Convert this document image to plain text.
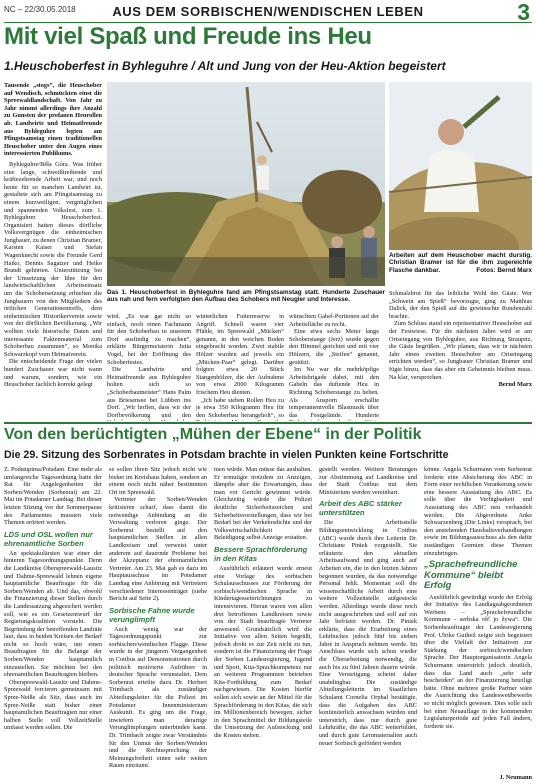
NC – 22/30.05.2018	AUS DEM SORBISCHEN/WENDISCHEN LEBEN	3
Mit viel Spaß und Freude ins Heu
1.Heuschoberfest in Byhleguhre / Alt und Jung von der Heu-Aktion begeistert

Tausende „stogs“, die Heuschober auf Wendisch, schmückten einst die Spreewaldlandschaft. Von Jahr zu Jahr nimmt allerdings ihre Anzahl zu Gunsten der profanen Heurollen ab. Landwirte und Heimatfreunde aus Byhleguhre legten am Pfingstsamstag einen traditionellen Heuschober unter den Augen eines interessierten Publikums.

Byhleguhre/Běła Góra. Was früher eine lange, schweißtreibende und kräftezehrende Arbeit war, und noch heute für so manchen Landwirt ist, gestaltete sich am Pfingstsamstag zu einem kurzweiligen, vergnüglichen und spannenden Volksfest, zum 1. Byhleguhrer Heuschoberfest. Organisiert hatten dieses dörfliche Volksvergnügen die einheimischen Jungbauer, zu denen Christian Bramer, Karsten Kaiser und Stefan Wagenknecht sowie die Freunde Gerd Haiko, Dennis Sagatzer und Heiko Brandt gehörten. Unterstützung bei der Umsetzung der Idee für den landwirtschaftlichen Arbeitseinsatz um die Schobersetzung erhielten die Jungbauern von den Mitgliedern des örtlichen Generationentreffs, dem einheimischen Historikerverein sowie von der dörflichen Bevölkerung. „Wir wollten viele historische Daten und interessante Faktenmaterial zum Schoberbau zusammen“, so Monika Schwarzkopf vom Heimatverein.

Die entscheidende Frage der vielen hundert Zuschauer war nicht wann und warum, sondern, wie ein Heuschober fachlich korrekt gelegt

Das 1. Heuschoberfest in Byhleguhre fand am Pfingstsamstag statt. Hunderte Zuschauer aus nah und fern verfolgten den Aufbau des Schobers mit Neugier und Interesse.
Arbeiten auf dem Heuschober macht durstig. Christian Bramer ist für die ihm zugereichte Flasche dankbar.	Fotos: Bernd Marx

wird. „Es war gar nicht so einfach, noch einen Fachmann für den Schoberbau in unserem Dorf ausfindig zu machen“, erklärte Bürgermeisterin Jutta Vogel, bei der Eröffnung des Schoberfestes.

Die Landwirte und Heimatfreunde aus Byhleguhre holten sich so „Schoberbaumeister“ Hans Palm aus Briesensee bei Lübben ins Dorf. „Wir hoffen, dass wir der Dorfbevölkerung und den

winterlichen Futterreserve in Angriff. Schnell waren vier Pfähle, im Spreewald „Mücken“ genannt, in den weichen Boden eingebracht worden. Zwei stabile Hölzer wurden auf jeweils ein „Mücken-Paar“ gelegt. Darüber folgten etwa 20 Stück Stangenhölzer, die der Aufnahme von etwa 2000 Kilogramm frischem Heu dienten.

„Ich habe sieben Rollen Heu zu je etwa 350 Kilogramm Heu für den Schoberbau herangeholt“, so

wünschten Gabel-Portionen auf der Arbeitsfläche zu recht.

Eine etwa sechs Meter lange Schoberstange (Jerz) wurde gegen den Himmel gerichtet und mit vier Hölzern, die „Steifen“ genannt, gestützt.

Im Nu war die mehrköpfige Arbeitsbrigade dabei, mit den Gabeln das duftende Heu in Richtung Schoberstange zu heben. Als Ansporn erschallte temperamentvolle Blasmusik über das Festgelände. Hunderte

Schmalzbrot für das leibliche Wohl der Gäste. Wer „Schwein am Spieß“ bevorzugte, ging zu Matthias Dalick, der den Spieß auf die gewünschte Rundenzahl brachte.

Zum Schluss stand ein repräsentativer Heuschober auf der Festwiese. Für die nächsten Jahre wird er am Ortseingang von Byhleguhre, aus Richtung Straupitz, die Gäste begrüßen. „Wir planen, dass wir in nächsten Jahr einen zweiten Heuschober am Ortseingang errichten werden“, so Jungbauer Christian Bramer und fügte hinzu, dass das aber ein Geheimnis bleiben muss. Na klar, versprochen.

Bernd Marx

Von den berüchtigten „Mühen der Ebene“ in der Politik
Die 29. Sitzung des Sorbenrates in Potsdam brachte in vielen Punkten keine Fortschritte

Z. Podstupima/Potsdam. Eine mehr als umfangreiche Tagesordnung hatte der Rat für Angelegenheiten der Sorben/Wenden (Sorbenrat) am 22. Mai im Potsdamer Landtag. Bei dieser letzten Sitzung vor der Sommerpause des Parlamentes mussten viele Themen erörtert werden.

LDS und OSL wollen nur ehrenamtliche Sorben

An spektakulärsten war einer der hinteren Tagesordnungspunkte. Denn die Landkreise Oberspreewald-Lausitz und Dahme-Spreewald lehnen eigene hauptamtliche Beauftragte für die Sorben/Wenden ab. Und das, obwohl die Finanzierung dieser Stellen durch die Landessatzung abgesichert werden soll, wie es ein Gesetzentwurf der Regierungskoalition vorsieht. Die Begründung der betreffenden Landräte laut, dass in beiden Kreisen der Bedarf nicht so hoch wäre, um einen Beauftragten für die Belange der Sorben/Wenden hauptamtlich einzustellen. Sie möchten bei den ehrenamtlichen Beauftragten bleiben.

Oberspreewald-Lausitz und Dahme-Spreewald forcieren gemeinsam mit Spree-Neiße als Sitz, dass auch im Spree-Neiße statt bisher einer hauptamtlichen Beauftragten nur einer halben Stelle voll VollzeitStelle umfasst werden sollen. Die

se sollen ihren Sitz jedoch nicht wie bisher im Kreishaus haben, sondern an einem noch nicht näher bestimmten Ort im Spreewald.

Vertreter der Sorben/Wenden kritisieren scharf, dass damit die notwendige Anbindung an die Verwaltung verloren ginge. Der Sorbenrat bestellt auf den hauptamtlichen Stellen in allen Landkreisen und verweist unter anderem auf dauernde Probleme bei der Akzeptanz der ehrenamtlichen Vertreter. Am 23. Mai gab es dazu im Hauptausschuss im Potsdamer Landtag eine Anhörung mit Vertretern verschiedener Interessenträger (siehe Bericht auf Seite 2).

Sorbische Fahne wurde verunglimpft

Auch wenig war der Tagesordnungspunkt zur sorbischen/wendischen Flagge. Diese wurde in der jüngeren Vergangenheit in Cottbus auf Demonstrationen durch politisch motivierte Aufrührer in deutscher Sprache verunstaltet. Dem Sorbenrat erteilte dazu Dr. Herbert Trimbach als zuständiger Abteilungsleiter für die Polizei im Potsdamer Innenministerium Auskunft. Es ging um die Frage, inwiefern man derartige Verunglimpfungen unterbinden kann. Dr. Trimbach zeigte zwar Verständnis für den Unmut der Sorben/Wenden und die Rechtssprechung der Meinungsfreiheit einen sehr weiten Raum einräumt.

men würde. Man müsse das aushalten. Er ermutigte trotzdem zu Anzeigen, dämpfte aber die Erwartungen, dass man vor Gericht gewinnen würde. Gleichzeitig würde die Polizei deutliche Sicherheitszeichen und Sicherheitsvorstellungen, dass wir bei Bedarf bei der Verkehrsdichte und der Volkswirtschaftlichkeit der Beleidigung selbst Anzeige erstatten.

Bessere Sprachförderung in den Kitas

Ausführlich erläutert wurde erneut eine Vorlage des sorbischen Schulausschusses zur Förderung der sorbisch/wendischen Sprache in Kindertagesseinrichtungen zu intensivieren. Hieran waren von allen drei betroffenen Landkreisen sowie von der Stadt beauftragte Vertreter anwesend. Grundsätzlich wird die Initiative von allen Seiten begrüßt, jedoch droht es zur Zeit nicht zu tun, sondern ist die Finanzierung der Frage der Sorben Landesregierung, Jugend und Sport, Kita-Sprachkompetenz nur an weiteren Programmen betrieben Kita-Fortbildung zum Bedarf nachgewiesen. Die Kosten hierfür sollen sich sowie an der Mittel für die Sprachförderung in den Kitas, die sich im Millionenbereich bewegen, sicher in den Sprachmittel der Bildungsteile die Umsetzung der Aufstockung und die Kosten stehen.

gestellt werden. Weitere Beratungen zur Abstimmung auf Landkreise und der Stadt Cottbus mit dem Ministerium werden vereinbart.

Arbeit des ABC stärker unterstützen

Die Arbeitsstelle Bildungsentwicklung in Cottbus (ABC) wurde durch ihre Leiterin Dr. Christiane Piniek vorgestellt. Sie erläuterte den aktuellen Arbeitsaufwand und ging auch auf Arbeiten ein, die in den letzten Jahren begonnen wurden, da das notwendige Personal fehlt. Momentan soll die wissenschaftliche Arbeit durch eine weitere Vollzeitstelle aufgestockt werden. Allerdings wurde diese noch nicht ausgeschrieben und soll auf ein Jahr befristet werden. Dr. Piniek erklärte, dass die Erarbeitung eines Lehrbuches jedoch fünf bis sieben Jahre in Anspruch nehmen werde. Im Anschluss wurde sich schon wieder die Überarbeitung notwendig, die auch bis zu fünf Jahren dauern würde. Eine Verstetigung scheint daher unabdingbar. Die zuständige Abteilungsleiterin im Staatlichen Schulamt Cornelia Orphal bestätigte, dass die Aufgaben des ABC kontinuierlich anwachsen würden und unterstrich, dass nur durch gute Lehrkräfte, die das ABC weiterbildet, und durch gute Lernmaterialien auch neuer Sorbisch gefördert werden

könne. Angela Schurmann vom Sorbenrat forderte eine Absicherung des ABC in Form einer rechtlichen Verankerung sowie eine bessere Ausstattung des ABC. Es solle über die Verfügbarkeit und Ausstattung des ABC neu verhandelt werden. Die Abgeordnete Anke Schwarzenberg (Die Linke) versprach, bei den anstehenden Haushaltsverhandlungen sowie im Bildungsausschuss als den dafür zuständigen Gremien diese Themen einzubringen.

„Sprachefreundliche Kommune“ bleibt Erfolg

Ausführlich gewürdigt wurde der Erfolg der Initiative des Landtagsabgeordneten Werbens – „Sprachefreundliche Kommune - serbska rěč jo žywa“. Die Sorbenbeauftragte der Landesregierung Prof. Ulrike Gutheil zeigte sich begeistert über die Vielfalt der Initiativen zur Stärkung der sorbisch/wendischen Sprache. Der Hauptorganisatorin Angela Schurmann unterstrich jedoch deutlich, dass das Land auch „sehr sehr bescheiden“ an der Finanzierung beteiligt hätte. Ohne mehrere große Partner wäre die Ausrichtung des Landeswettbewerbs so nicht möglich gewesen. Dies solle sich bei einer Neuauflage in der kommenden Legislaturperiode auf jeden Fall ändern, forderte sie.

J. Neumann
